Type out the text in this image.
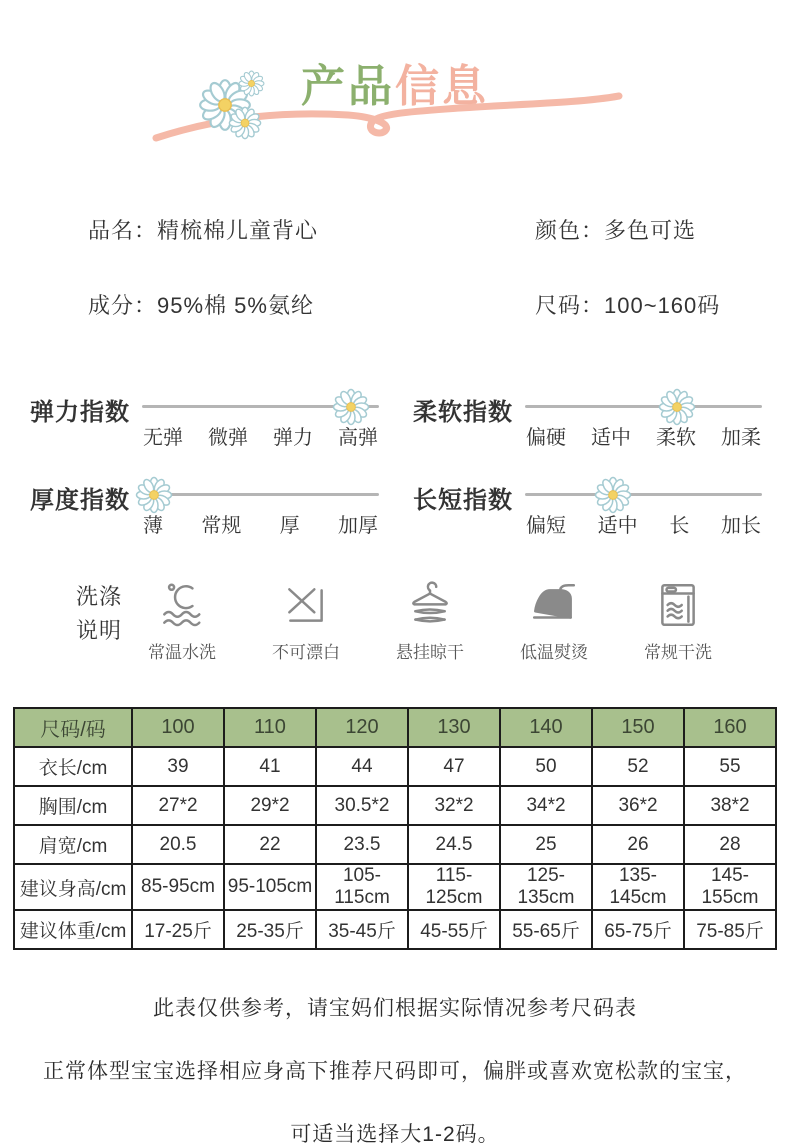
产品信息
品名：精梳棉儿童背心
成分：95%棉 5%氨纶
颜色：多色可选
尺码：100~160码
弹力指数
无弹 微弹 弹力 高弹
柔软指数
偏硬 适中 柔软 加柔
厚度指数
薄 常规 厚 加厚
长短指数
偏短 适中 长 加长
洗涤
说明
常温水洗	不可漂白	悬挂晾干	低温熨烫	常规干洗
尺码/码	100	110	120	130	140	150	160
衣长/cm	39	41	44	47	50	52	55
胸围/cm	27*2	29*2	30.5*2	32*2	34*2	36*2	38*2
肩宽/cm	20.5	22	23.5	24.5	25	26	28
建议身高/cm	85-95cm	95-105cm	105-115cm	115-125cm	125-135cm	135-145cm	145-155cm
建议体重/cm	17-25斤	25-35斤	35-45斤	45-55斤	55-65斤	65-75斤	75-85斤
此表仅供参考，请宝妈们根据实际情况参考尺码表
正常体型宝宝选择相应身高下推荐尺码即可，偏胖或喜欢宽松款的宝宝，
可适当选择大1-2码。
